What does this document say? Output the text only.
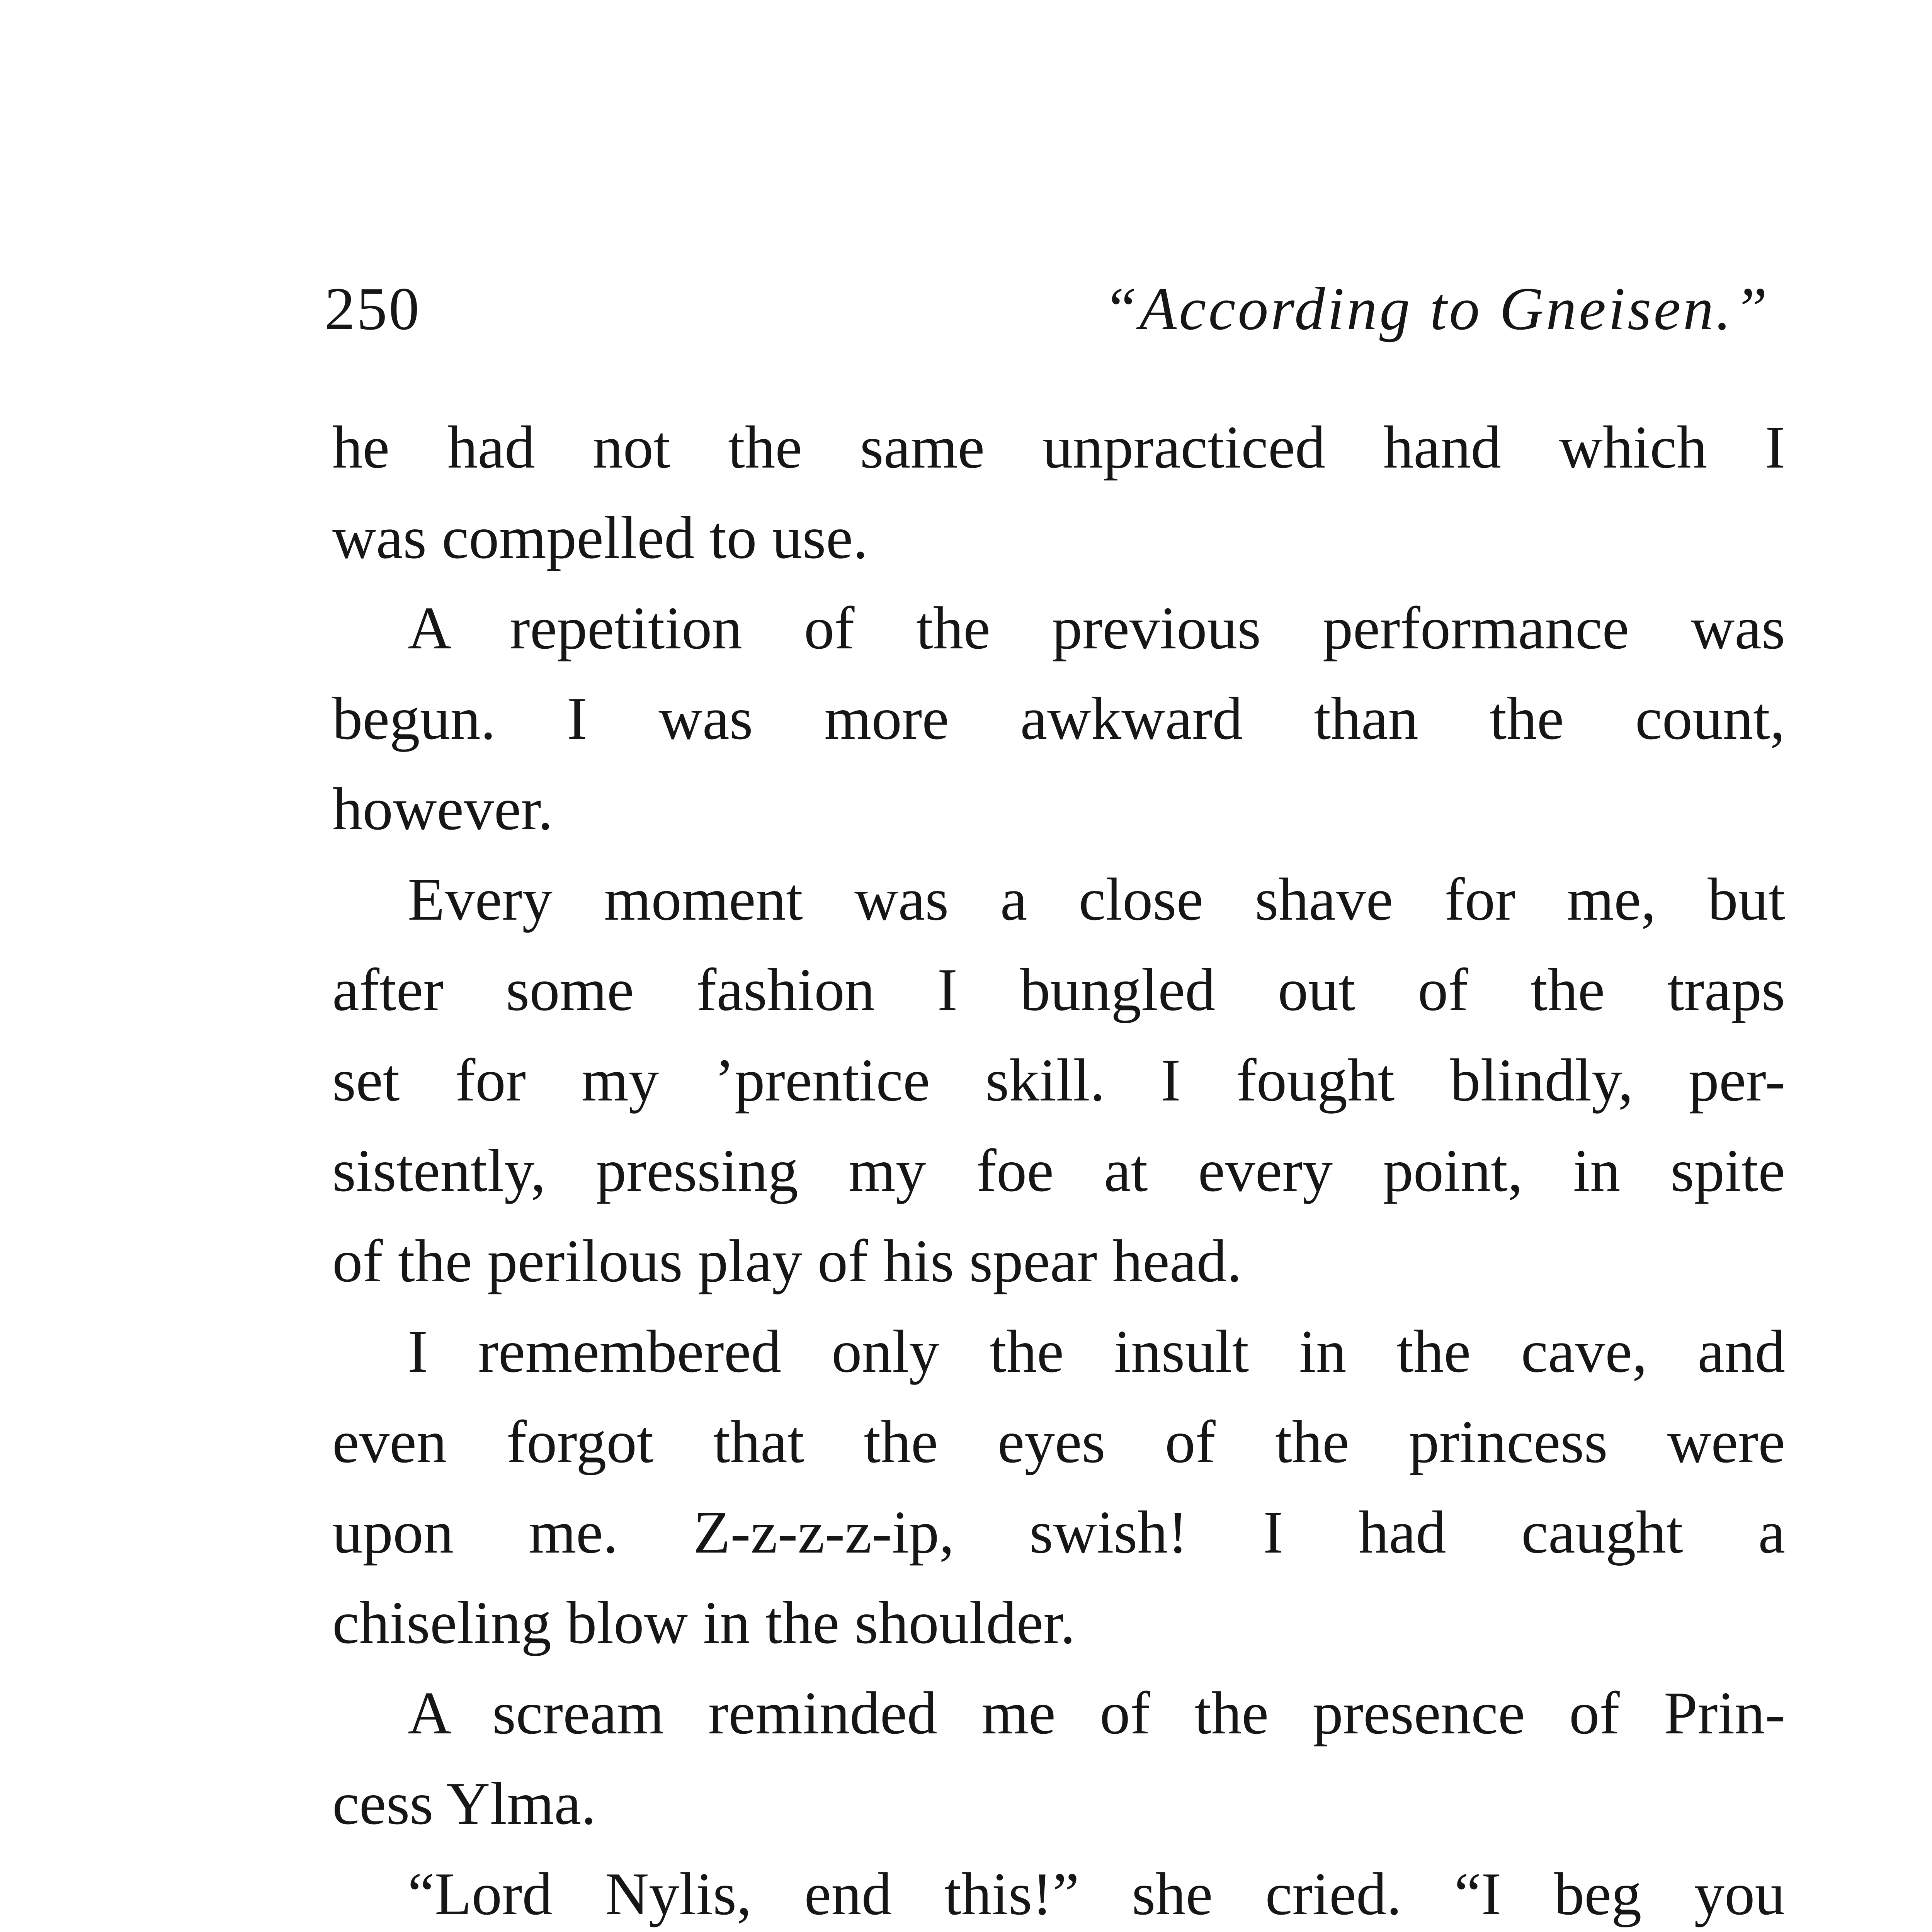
250	“According to Gneisen.”
he had not the same unpracticed hand which I
was compelled to use.
A repetition of the previous performance was
begun. I was more awkward than the count,
however.
Every moment was a close shave for me, but
after some fashion I bungled out of the traps
set for my ’prentice skill. I fought blindly, per-
sistently, pressing my foe at every point, in spite
of the perilous play of his spear head.
I remembered only the insult in the cave, and
even forgot that the eyes of the princess were
upon me. Z-z-z-z-ip, swish! I had caught a
chiseling blow in the shoulder.
A scream reminded me of the presence of Prin-
cess Ylma.
“Lord Nylis, end this!” she cried. “I beg you
